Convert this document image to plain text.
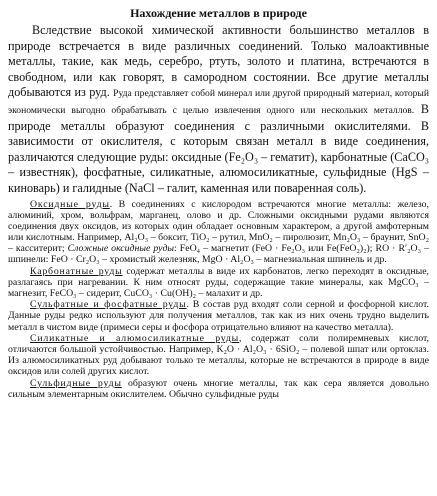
Нахождение металлов в природе

Вследствие высокой химической активности большинство металлов в природе встречается в виде различных соединений. Только малоактивные металлы, такие, как медь, серебро, ртуть, золото и платина, встречаются в свободном, или как говорят, в самородном состоянии. Все другие металлы добываются из руд. Руда представляет собой минерал или другой природный материал, который экономически выгодно обрабатывать с целью извлечения одного или нескольких металлов. В природе металлы образуют соединения с различными окислителями. В зависимости от окислителя, с которым связан металл в виде соединения, различаются следующие руды: оксидные (Fe₂O₃ – гематит), карбонатные (CaCO₃ – известняк), фосфатные, силикатные, алюмосиликатные, сульфидные (HgS – киноварь) и галидные (NaCl – галит, каменная или поваренная соль).

Оксидные руды. В соединениях с кислородом встречаются многие металлы: железо, алюминий, хром, вольфрам, марганец, олово и др. Сложными оксидными рудами являются соединения двух оксидов, из которых один обладает основным характером, а другой амфотерным или кислотным. Например, Al₂O₃ – боксит, TiO₂ – рутил, MnO₂ – пиролюзит, Mn₂O₃ – браунит, SnO₂ – касситерит; Сложные оксидные руды: FeO₄ – магнетит (FeO · Fe₂O₃ или Fe(FeO₂)₂); RO · R′₂O₃ – шпинели: FeO · Cr₂O₃ – хромистый железняк, MgO · Al₂O₃ – магнезиальная шпинель и др.

Карбонатные руды содержат металлы в виде их карбонатов, легко переходят в оксидные, разлагаясь при нагревании. К ним относят руды, содержащие такие минералы, как MgCO₃ – магнезит, FeCO₃ – сидерит, CuCO₃ · Cu(OH)₂ – малахит и др.

Сульфатные и фосфатные руды. В состав руд входят соли серной и фосфорной кислот. Данные руды редко используют для получения металлов, так как из них очень трудно выделить металл в чистом виде (примеси серы и фосфора отрицательно влияют на качество металла).

Силикатные и алюмосиликатные руды, содержат соли полиремневых кислот, отличаются большой устойчивостью. Например, K₂O · Al₂O₃ · 6SiO₂ – полевой шпат или ортоклаз. Из алюмосиликатных руд добывают только те металлы, которые не встречаются в природе в виде оксидов или солей других кислот.

Сульфидные руды образуют очень многие металлы, так как сера является довольно сильным элементарным окислителем. Обычно сульфидные руды
